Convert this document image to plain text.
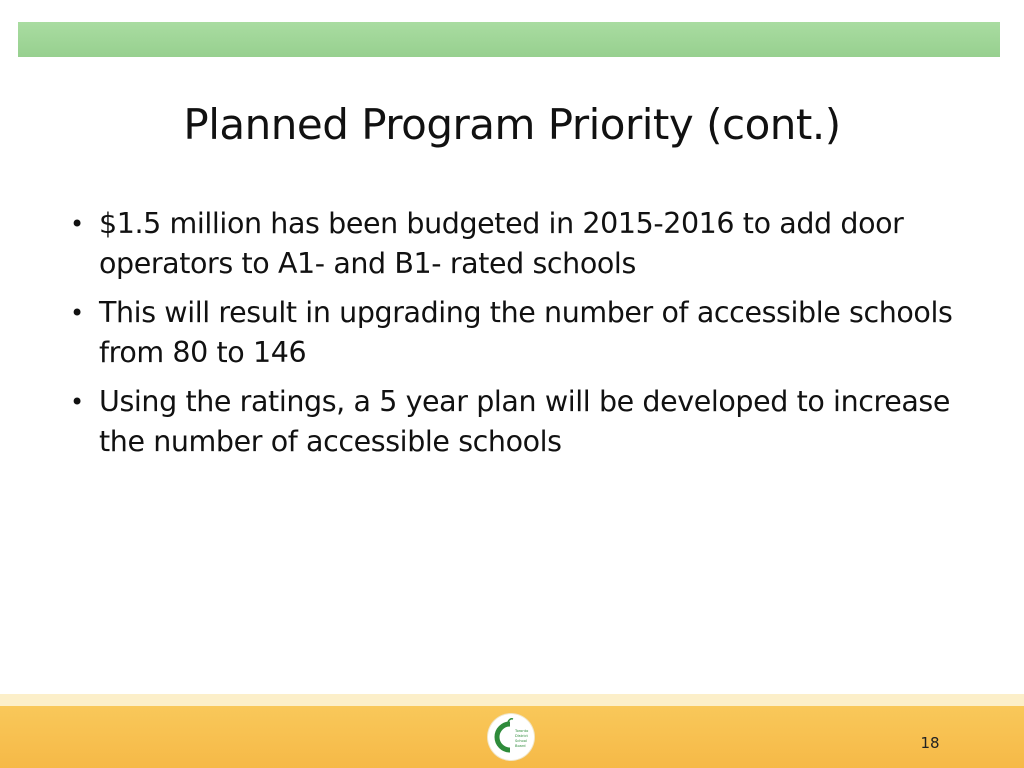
Planned Program Priority (cont.)
• $1.5 million has been budgeted in 2015-2016 to add door operators to A1- and B1- rated schools
• This will result in upgrading the number of accessible schools from 80 to 146
• Using the ratings, a 5 year plan will be developed to increase the number of accessible schools
Toronto
District
School
Board	18
